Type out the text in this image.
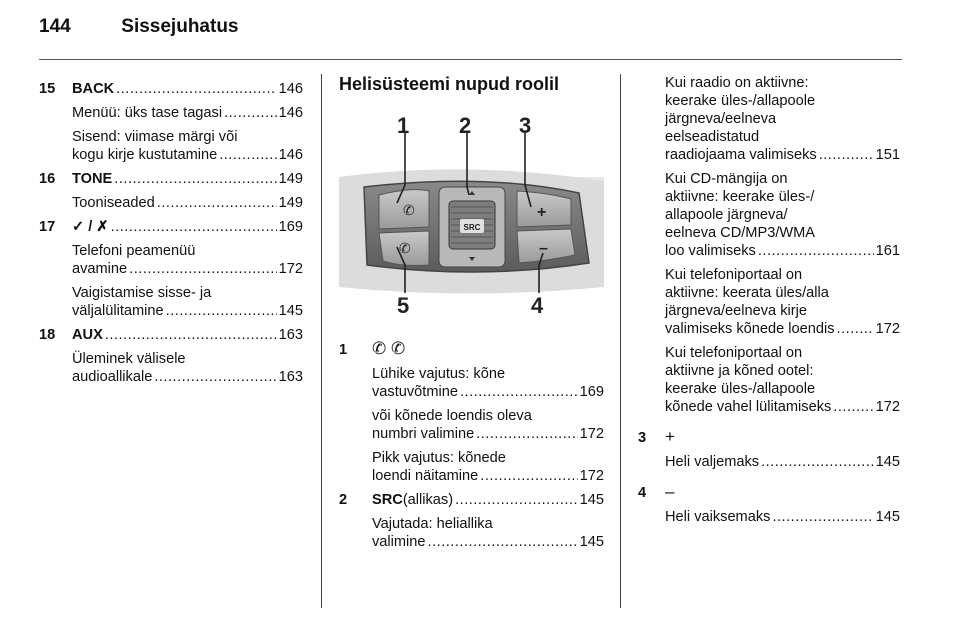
144	Sissejuhatus
15	BACK .....	146
Menüü: üks tase tagasi .....	146
Sisend: viimase märgi või
kogu kirje kustutamine .....	146
16	TONE .....	149
Tooniseaded .....	149
17	✓ / ✗ .....	169
Telefoni peamenüü
avamine .....	172
Vaigistamise sisse- ja
väljalülitamine .....	145
18	AUX .....	163
Üleminek välisele
audioallikale .....	163
Helisüsteemi nupud roolil
SRC
✆
✆
+
–
1 2 3
4
5
1	✆ ✆
Lühike vajutus: kõne
vastuvõtmine .....	169
või kõnede loendis oleva
numbri valimine .....	172
Pikk vajutus: kõnede
loendi näitamine .....	172
2	SRC (allikas) .....	145
Vajutada: heliallika
valimine .....	145
Kui raadio on aktiivne:
keerake üles-/allapoole
järgneva/eelneva
eelseadistatud
raadiojaama valimiseks .....	151
Kui CD-mängija on
aktiivne: keerake üles-/
allapoole järgneva/
eelneva CD/MP3/WMA
loo valimiseks .....	161
Kui telefoniportaal on
aktiivne: keerata üles/alla
järgneva/eelneva kirje
valimiseks kõnede loendis .....	172
Kui telefoniportaal on
aktiivne ja kõned ootel:
keerake üles-/allapoole
kõnede vahel lülitamiseks .....	172
3	+
Heli valjemaks .....	145
4	–
Heli vaiksemaks .....	145
